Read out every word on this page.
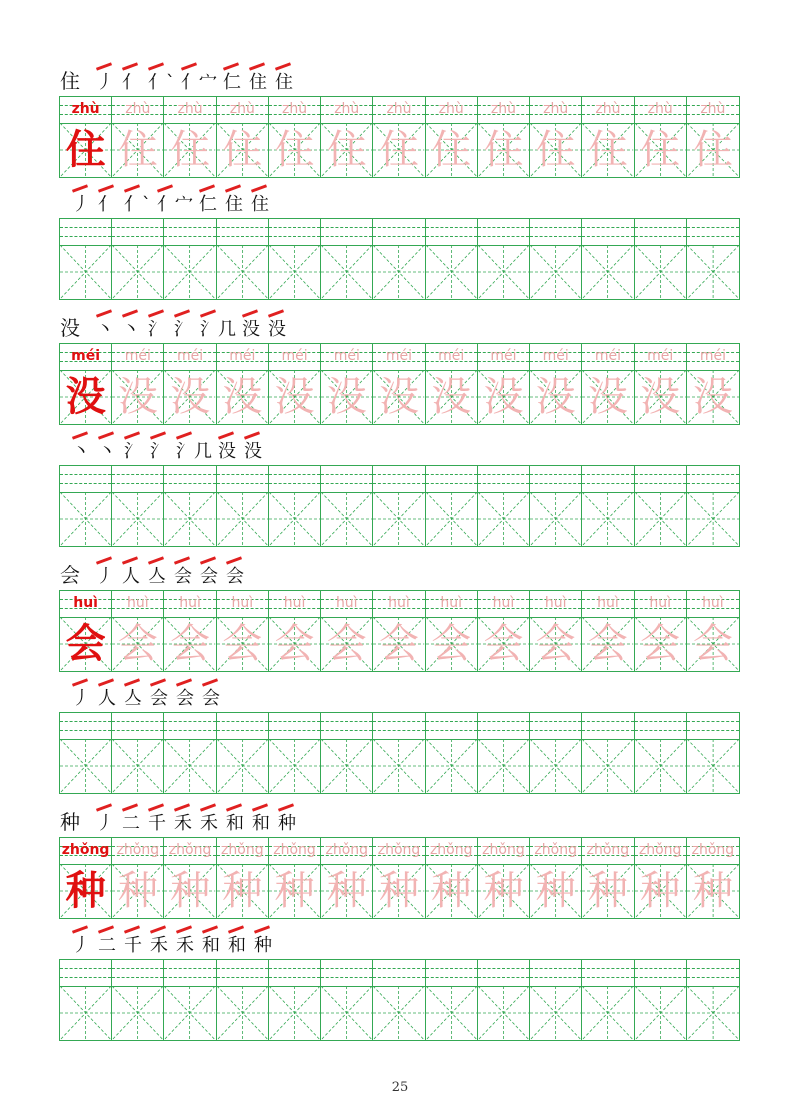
住 丿 亻 亻` 亻宀 仁 住 住
zhù
住
zhù
住
zhù
住
zhù
住
zhù
住
zhù
住
zhù
住
zhù
住
zhù
住
zhù
住
zhù
住
zhù
住
zhù
住
丿 亻 亻` 亻宀 仁 住 住
没 丶 丶 氵 氵 氵几 没 没
méi
没
méi
没
méi
没
méi
没
méi
没
méi
没
méi
没
méi
没
méi
没
méi
没
méi
没
méi
没
méi
没
丶 丶 氵 氵 氵几 没 没
会 丿 人 亼 会 会 会
huì
会
huì
会
huì
会
huì
会
huì
会
huì
会
huì
会
huì
会
huì
会
huì
会
huì
会
huì
会
huì
会
丿 人 亼 会 会 会
种 丿 二 千 禾 禾 和 和 种
zhǒng
种
zhǒng
种
zhǒng
种
zhǒng
种
zhǒng
种
zhǒng
种
zhǒng
种
zhǒng
种
zhǒng
种
zhǒng
种
zhǒng
种
zhǒng
种
zhǒng
种
丿 二 千 禾 禾 和 和 种
25
